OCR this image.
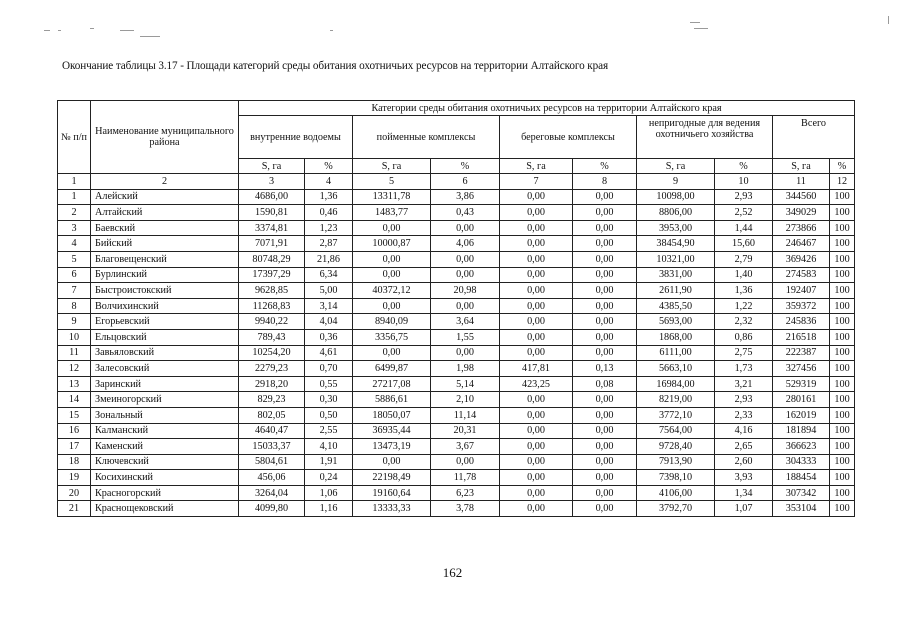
Окончание таблицы 3.17 - Площади категорий среды обитания охотничьих ресурсов на территории Алтайского края
№ п/п	Наименование муниципального района	Категории среды обитания охотничьих ресурсов на территории Алтайского края									
		внутренние водоемы		пойменные комплексы		береговые комплексы		непригодные для ведения охотничьего хозяйства		Всего	
		S, га	%	S, га	%	S, га	%	S, га	%	S, га	%
1	2	3	4	5	6	7	8	9	10	11	12
1	Алейский	4686,00	1,36	13311,78	3,86	0,00	0,00	10098,00	2,93	344560	100
2	Алтайский	1590,81	0,46	1483,77	0,43	0,00	0,00	8806,00	2,52	349029	100
3	Баевский	3374,81	1,23	0,00	0,00	0,00	0,00	3953,00	1,44	273866	100
4	Бийский	7071,91	2,87	10000,87	4,06	0,00	0,00	38454,90	15,60	246467	100
5	Благовещенский	80748,29	21,86	0,00	0,00	0,00	0,00	10321,00	2,79	369426	100
6	Бурлинский	17397,29	6,34	0,00	0,00	0,00	0,00	3831,00	1,40	274583	100
7	Быстроистокский	9628,85	5,00	40372,12	20,98	0,00	0,00	2611,90	1,36	192407	100
8	Волчихинский	11268,83	3,14	0,00	0,00	0,00	0,00	4385,50	1,22	359372	100
9	Егорьевский	9940,22	4,04	8940,09	3,64	0,00	0,00	5693,00	2,32	245836	100
10	Ельцовский	789,43	0,36	3356,75	1,55	0,00	0,00	1868,00	0,86	216518	100
11	Завьяловский	10254,20	4,61	0,00	0,00	0,00	0,00	6111,00	2,75	222387	100
12	Залесовский	2279,23	0,70	6499,87	1,98	417,81	0,13	5663,10	1,73	327456	100
13	Заринский	2918,20	0,55	27217,08	5,14	423,25	0,08	16984,00	3,21	529319	100
14	Змеиногорский	829,23	0,30	5886,61	2,10	0,00	0,00	8219,00	2,93	280161	100
15	Зональный	802,05	0,50	18050,07	11,14	0,00	0,00	3772,10	2,33	162019	100
16	Калманский	4640,47	2,55	36935,44	20,31	0,00	0,00	7564,00	4,16	181894	100
17	Каменский	15033,37	4,10	13473,19	3,67	0,00	0,00	9728,40	2,65	366623	100
18	Ключевский	5804,61	1,91	0,00	0,00	0,00	0,00	7913,90	2,60	304333	100
19	Косихинский	456,06	0,24	22198,49	11,78	0,00	0,00	7398,10	3,93	188454	100
20	Красногорский	3264,04	1,06	19160,64	6,23	0,00	0,00	4106,00	1,34	307342	100
21	Краснощековский	4099,80	1,16	13333,33	3,78	0,00	0,00	3792,70	1,07	353104	100
162
